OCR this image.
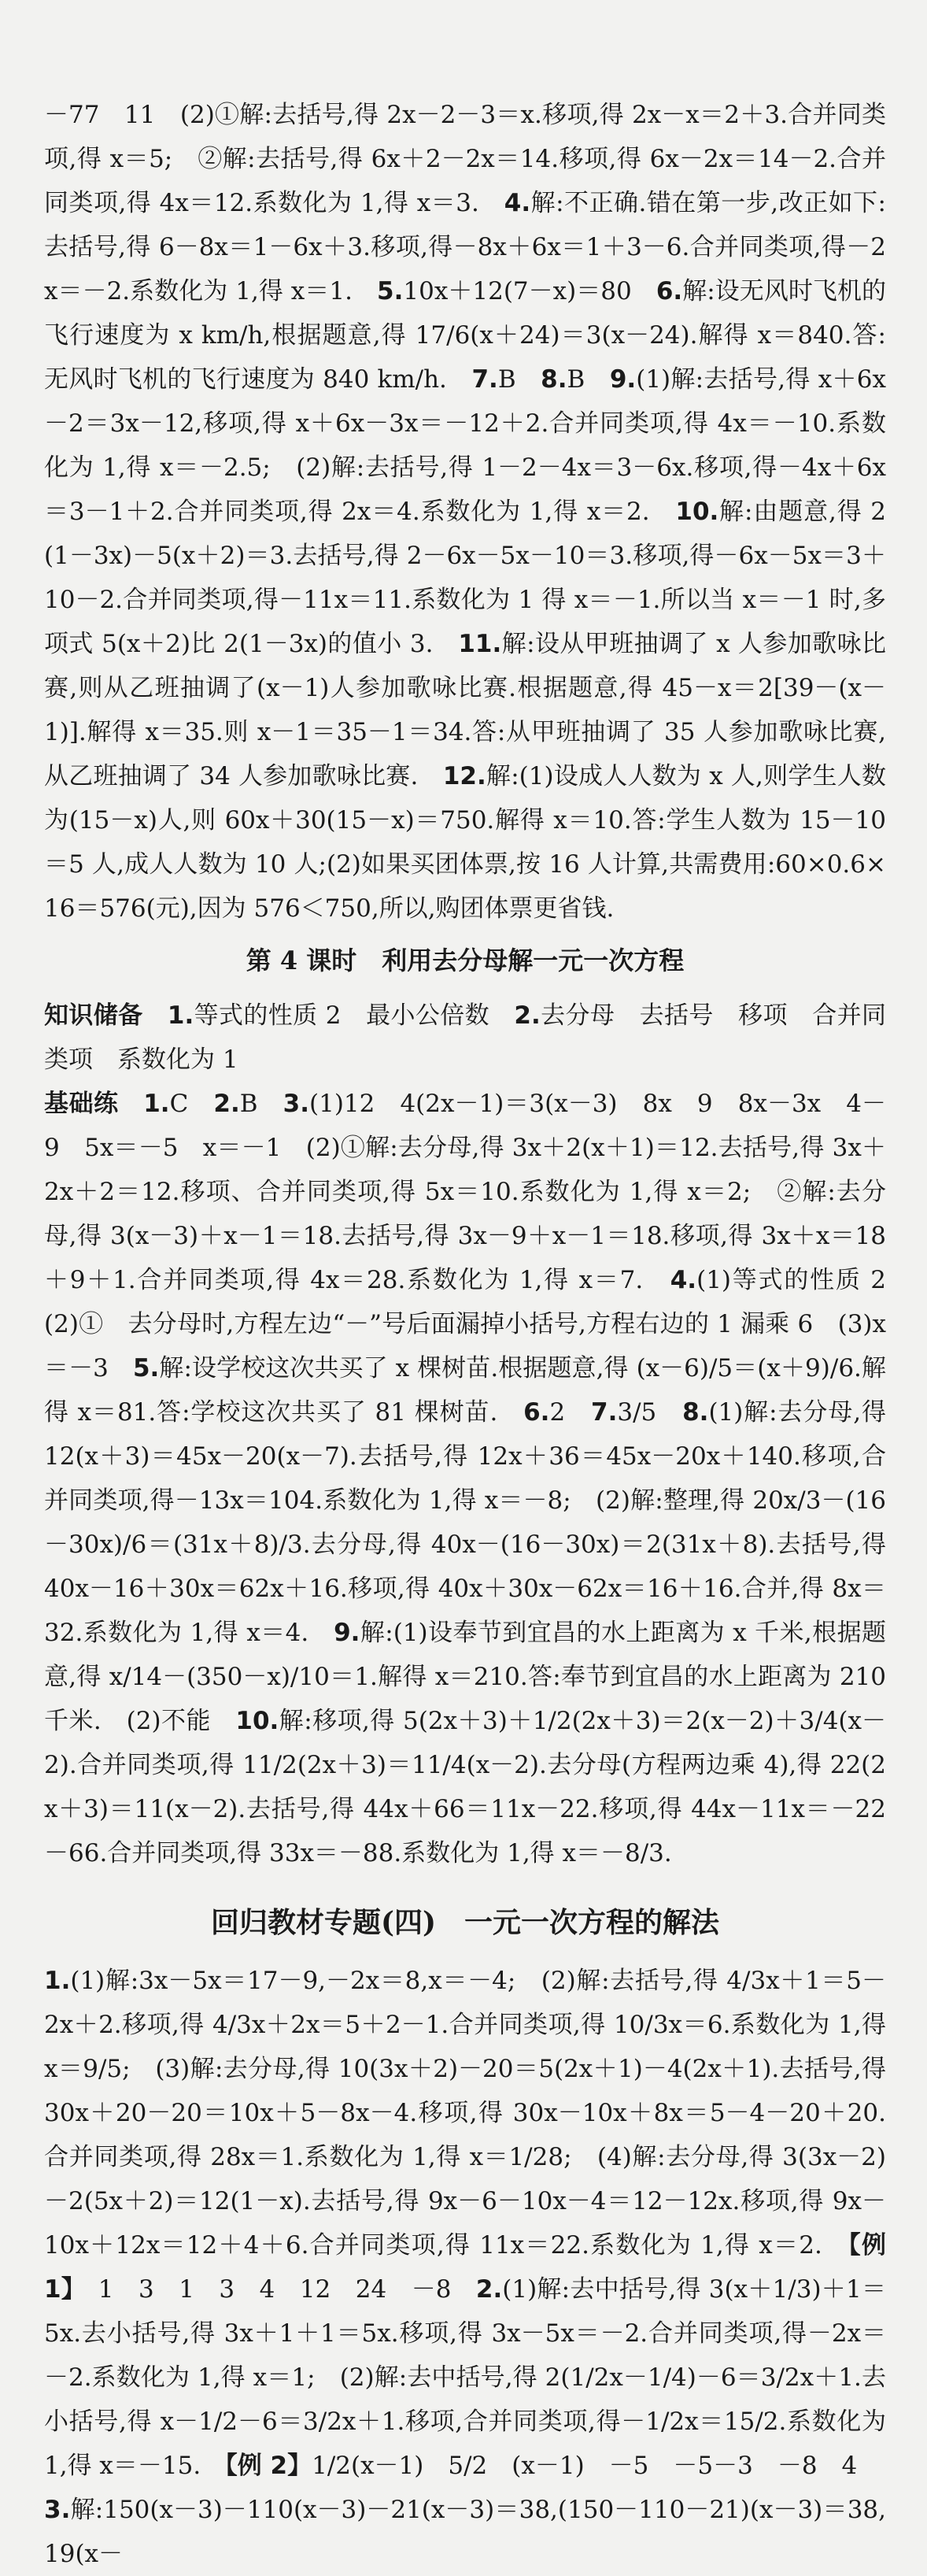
－77　11　(2)①解:去括号,得 2x－2－3＝x.移项,得 2x－x＝2＋3.合并同类项,得 x＝5;　②解:去括号,得 6x＋2－2x＝14.移项,得 6x－2x＝14－2.合并同类项,得 4x＝12.系数化为 1,得 x＝3.　4.解:不正确.错在第一步,改正如下:去括号,得 6－8x＝1－6x＋3.移项,得－8x＋6x＝1＋3－6.合并同类项,得－2x＝－2.系数化为 1,得 x＝1.　5.10x＋12(7－x)＝80　6.解:设无风时飞机的飞行速度为 x km/h,根据题意,得 17/6(x＋24)＝3(x－24).解得 x＝840.答:无风时飞机的飞行速度为 840 km/h.　7.B　8.B　9.(1)解:去括号,得 x＋6x－2＝3x－12,移项,得 x＋6x－3x＝－12＋2.合并同类项,得 4x＝－10.系数化为 1,得 x＝－2.5;　(2)解:去括号,得 1－2－4x＝3－6x.移项,得－4x＋6x＝3－1＋2.合并同类项,得 2x＝4.系数化为 1,得 x＝2.　10.解:由题意,得 2(1－3x)－5(x＋2)＝3.去括号,得 2－6x－5x－10＝3.移项,得－6x－5x＝3＋10－2.合并同类项,得－11x＝11.系数化为 1 得 x＝－1.所以当 x＝－1 时,多项式 5(x＋2)比 2(1－3x)的值小 3.　11.解:设从甲班抽调了 x 人参加歌咏比赛,则从乙班抽调了(x－1)人参加歌咏比赛.根据题意,得 45－x＝2[39－(x－1)].解得 x＝35.则 x－1＝35－1＝34.答:从甲班抽调了 35 人参加歌咏比赛,从乙班抽调了 34 人参加歌咏比赛.　12.解:(1)设成人人数为 x 人,则学生人数为(15－x)人,则 60x＋30(15－x)＝750.解得 x＝10.答:学生人数为 15－10＝5 人,成人人数为 10 人;(2)如果买团体票,按 16 人计算,共需费用:60×0.6×16＝576(元),因为 576＜750,所以,购团体票更省钱.

第 4 课时　利用去分母解一元一次方程

知识储备　1.等式的性质 2　最小公倍数　2.去分母　去括号　移项　合并同类项　系数化为 1

基础练　1.C　2.B　3.(1)12　4(2x－1)＝3(x－3)　8x　9　8x－3x　4－9　5x＝－5　x＝－1　(2)①解:去分母,得 3x＋2(x＋1)＝12.去括号,得 3x＋2x＋2＝12.移项、合并同类项,得 5x＝10.系数化为 1,得 x＝2;　②解:去分母,得 3(x－3)＋x－1＝18.去括号,得 3x－9＋x－1＝18.移项,得 3x＋x＝18＋9＋1.合并同类项,得 4x＝28.系数化为 1,得 x＝7.　4.(1)等式的性质 2　(2)①　去分母时,方程左边“－”号后面漏掉小括号,方程右边的 1 漏乘 6　(3)x＝－3　5.解:设学校这次共买了 x 棵树苗.根据题意,得 (x－6)/5＝(x＋9)/6.解得 x＝81.答:学校这次共买了 81 棵树苗.　6.2　7.3/5　8.(1)解:去分母,得 12(x＋3)＝45x－20(x－7).去括号,得 12x＋36＝45x－20x＋140.移项,合并同类项,得－13x＝104.系数化为 1,得 x＝－8;　(2)解:整理,得 20x/3－(16－30x)/6＝(31x＋8)/3.去分母,得 40x－(16－30x)＝2(31x＋8).去括号,得 40x－16＋30x＝62x＋16.移项,得 40x＋30x－62x＝16＋16.合并,得 8x＝32.系数化为 1,得 x＝4.　9.解:(1)设奉节到宜昌的水上距离为 x 千米,根据题意,得 x/14－(350－x)/10＝1.解得 x＝210.答:奉节到宜昌的水上距离为 210 千米.　(2)不能　10.解:移项,得 5(2x＋3)＋1/2(2x＋3)＝2(x－2)＋3/4(x－2).合并同类项,得 11/2(2x＋3)＝11/4(x－2).去分母(方程两边乘 4),得 22(2x＋3)＝11(x－2).去括号,得 44x＋66＝11x－22.移项,得 44x－11x＝－22－66.合并同类项,得 33x＝－88.系数化为 1,得 x＝－8/3.

回归教材专题(四)　一元一次方程的解法

1.(1)解:3x－5x＝17－9,－2x＝8,x＝－4;　(2)解:去括号,得 4/3x＋1＝5－2x＋2.移项,得 4/3x＋2x＝5＋2－1.合并同类项,得 10/3x＝6.系数化为 1,得 x＝9/5;　(3)解:去分母,得 10(3x＋2)－20＝5(2x＋1)－4(2x＋1).去括号,得 30x＋20－20＝10x＋5－8x－4.移项,得 30x－10x＋8x＝5－4－20＋20.合并同类项,得 28x＝1.系数化为 1,得 x＝1/28;　(4)解:去分母,得 3(3x－2)－2(5x＋2)＝12(1－x).去括号,得 9x－6－10x－4＝12－12x.移项,得 9x－10x＋12x＝12＋4＋6.合并同类项,得 11x＝22.系数化为 1,得 x＝2.　【例 1】　1　3　1　3　4　12　24　－8　2.(1)解:去中括号,得 3(x＋1/3)＋1＝5x.去小括号,得 3x＋1＋1＝5x.移项,得 3x－5x＝－2.合并同类项,得－2x＝－2.系数化为 1,得 x＝1;　(2)解:去中括号,得 2(1/2x－1/4)－6＝3/2x＋1.去小括号,得 x－1/2－6＝3/2x＋1.移项,合并同类项,得－1/2x＝15/2.系数化为 1,得 x＝－15.　【例 2】1/2(x－1)　5/2　(x－1)　－5　－5－3　－8　4

3.解:150(x－3)－110(x－3)－21(x－3)＝38,(150－110－21)(x－3)＝38,19(x－
